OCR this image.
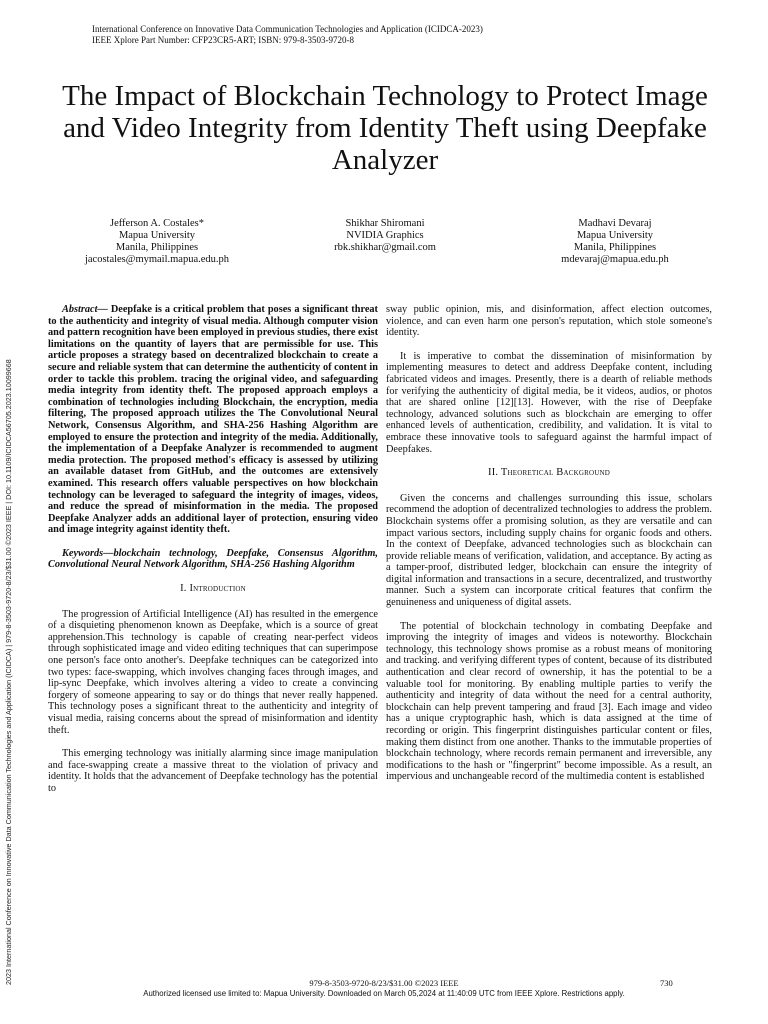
International Conference on Innovative Data Communication Technologies and Application (ICIDCA-2023)
IEEE Xplore Part Number: CFP23CR5-ART; ISBN: 979-8-3503-9720-8
2023 International Conference on Innovative Data Communication Technologies and Application (ICIDCA) | 979-8-3503-9720-8/23/$31.00 ©2023 IEEE | DOI: 10.1109/ICIDCA56705.2023.10099668
The Impact of Blockchain Technology to Protect Image and Video Integrity from Identity Theft using Deepfake Analyzer
Jefferson A. Costales*
Mapua University
Manila, Philippines
jacostales@mymail.mapua.edu.ph
Shikhar Shiromani
NVIDIA Graphics
rbk.shikhar@gmail.com
Madhavi Devaraj
Mapua University
Manila, Philippines
mdevaraj@mapua.edu.ph

Abstract— Deepfake is a critical problem that poses a significant threat to the authenticity and integrity of visual media. Although computer vision and pattern recognition have been employed in previous studies, there exist limitations on the quantity of layers that are permissible for use. This article proposes a strategy based on decentralized blockchain to create a secure and reliable system that can determine the authenticity of content in order to tackle this problem. tracing the original video, and safeguarding media integrity from identity theft. The proposed approach employs a combination of technologies including Blockchain, the encryption, media filtering, The proposed approach utilizes the The Convolutional Neural Network, Consensus Algorithm, and SHA-256 Hashing Algorithm are employed to ensure the protection and integrity of the media. Additionally, the implementation of a Deepfake Analyzer is recommended to augment media protection. The proposed method's efficacy is assessed by utilizing an available dataset from GitHub, and the outcomes are extensively examined. This research offers valuable perspectives on how blockchain technology can be leveraged to safeguard the integrity of images, videos, and reduce the spread of misinformation in the media. The proposed Deepfake Analyzer adds an additional layer of protection, ensuring video and image integrity against identity theft.

Keywords—blockchain technology, Deepfake, Consensus Algorithm, Convolutional Neural Network Algorithm, SHA-256 Hashing Algorithm

I. Introduction

The progression of Artificial Intelligence (AI) has resulted in the emergence of a disquieting phenomenon known as Deepfake, which is a source of great apprehension.This technology is capable of creating near-perfect videos through sophisticated image and video editing techniques that can superimpose one person's face onto another's. Deepfake techniques can be categorized into two types: face-swapping, which involves changing faces through images, and lip-sync Deepfake, which involves altering a video to create a convincing forgery of someone appearing to say or do things that never really happened. This technology poses a significant threat to the authenticity and integrity of visual media, raising concerns about the spread of misinformation and identity theft.

This emerging technology was initially alarming since image manipulation and face-swapping create a massive threat to the violation of privacy and identity. It holds that the advancement of Deepfake technology has the potential to

sway public opinion, mis, and disinformation, affect election outcomes, violence, and can even harm one person's reputation, which stole someone's identity.

It is imperative to combat the dissemination of misinformation by implementing measures to detect and address Deepfake content, including fabricated videos and images. Presently, there is a dearth of reliable methods for verifying the authenticity of digital media, be it videos, audios, or photos that are shared online [12][13]. However, with the rise of Deepfake technology, advanced solutions such as blockchain are emerging to offer enhanced levels of authentication, credibility, and validation. It is vital to embrace these innovative tools to safeguard against the harmful impact of Deepfakes.

II. Theoretical Background

Given the concerns and challenges surrounding this issue, scholars recommend the adoption of decentralized technologies to address the problem. Blockchain systems offer a promising solution, as they are versatile and can impact various sectors, including supply chains for organic foods and others. In the context of Deepfake, advanced technologies such as blockchain can provide reliable means of verification, validation, and acceptance. By acting as a tamper-proof, distributed ledger, blockchain can ensure the integrity of digital information and transactions in a secure, decentralized, and trustworthy manner. Such a system can incorporate critical features that confirm the genuineness and uniqueness of digital assets.

The potential of blockchain technology in combating Deepfake and improving the integrity of images and videos is noteworthy. Blockchain technology, this technology shows promise as a robust means of monitoring and tracking. and verifying different types of content, because of its distributed authentication and clear record of ownership, it has the potential to be a valuable tool for monitoring. By enabling multiple parties to verify the authenticity and integrity of data without the need for a central authority, blockchain can help prevent tampering and fraud [3]. Each image and video has a unique cryptographic hash, which is data assigned at the time of recording or origin. This fingerprint distinguishes particular content or files, making them distinct from one another. Thanks to the immutable properties of blockchain technology, where records remain permanent and irreversible, any modifications to the hash or "fingerprint" become impossible. As a result, an impervious and unchangeable record of the multimedia content is established

979-8-3503-9720-8/23/$31.00 ©2023 IEEE	730
Authorized licensed use limited to: Mapua University. Downloaded on March 05,2024 at 11:40:09 UTC from IEEE Xplore. Restrictions apply.
